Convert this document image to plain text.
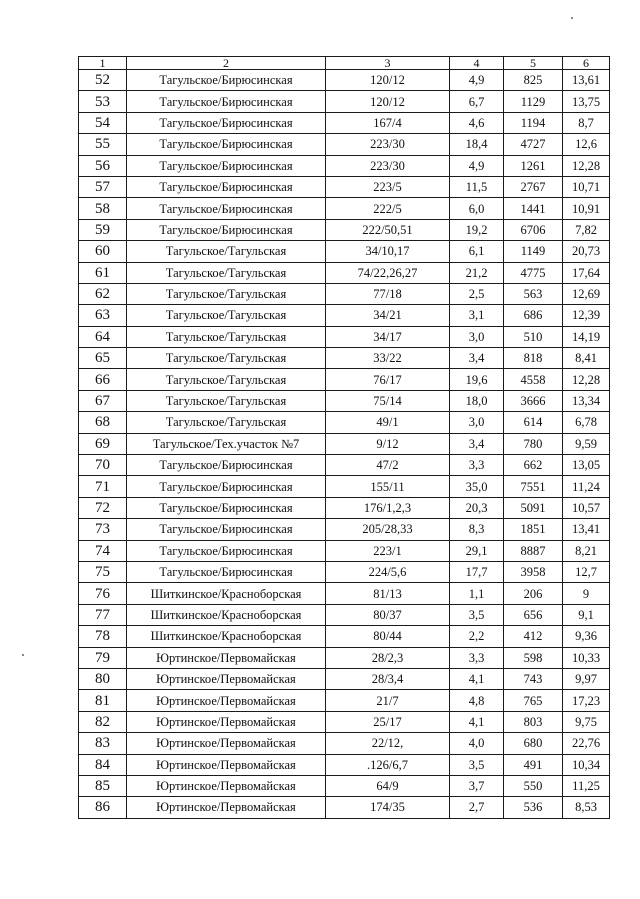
1	2	3	4	5	6
52	Тагульское/Бирюсинская	120/12	4,9	825	13,61
53	Тагульское/Бирюсинская	120/12	6,7	1129	13,75
54	Тагульское/Бирюсинская	167/4	4,6	1194	8,7
55	Тагульское/Бирюсинская	223/30	18,4	4727	12,6
56	Тагульское/Бирюсинская	223/30	4,9	1261	12,28
57	Тагульское/Бирюсинская	223/5	11,5	2767	10,71
58	Тагульское/Бирюсинская	222/5	6,0	1441	10,91
59	Тагульское/Бирюсинская	222/50,51	19,2	6706	7,82
60	Тагульское/Тагульская	34/10,17	6,1	1149	20,73
61	Тагульское/Тагульская	74/22,26,27	21,2	4775	17,64
62	Тагульское/Тагульская	77/18	2,5	563	12,69
63	Тагульское/Тагульская	34/21	3,1	686	12,39
64	Тагульское/Тагульская	34/17	3,0	510	14,19
65	Тагульское/Тагульская	33/22	3,4	818	8,41
66	Тагульское/Тагульская	76/17	19,6	4558	12,28
67	Тагульское/Тагульская	75/14	18,0	3666	13,34
68	Тагульское/Тагульская	49/1	3,0	614	6,78
69	Тагульское/Тех.участок №7	9/12	3,4	780	9,59
70	Тагульское/Бирюсинская	47/2	3,3	662	13,05
71	Тагульское/Бирюсинская	155/11	35,0	7551	11,24
72	Тагульское/Бирюсинская	176/1,2,3	20,3	5091	10,57
73	Тагульское/Бирюсинская	205/28,33	8,3	1851	13,41
74	Тагульское/Бирюсинская	223/1	29,1	8887	8,21
75	Тагульское/Бирюсинская	224/5,6	17,7	3958	12,7
76	Шиткинское/Красноборская	81/13	1,1	206	9
77	Шиткинское/Красноборская	80/37	3,5	656	9,1
78	Шиткинское/Красноборская	80/44	2,2	412	9,36
79	Юртинское/Первомайская	28/2,3	3,3	598	10,33
80	Юртинское/Первомайская	28/3,4	4,1	743	9,97
81	Юртинское/Первомайская	21/7	4,8	765	17,23
82	Юртинское/Первомайская	25/17	4,1	803	9,75
83	Юртинское/Первомайская	22/12,	4,0	680	22,76
84	Юртинское/Первомайская	.126/6,7	3,5	491	10,34
85	Юртинское/Первомайская	64/9	3,7	550	11,25
86	Юртинское/Первомайская	174/35	2,7	536	8,53
